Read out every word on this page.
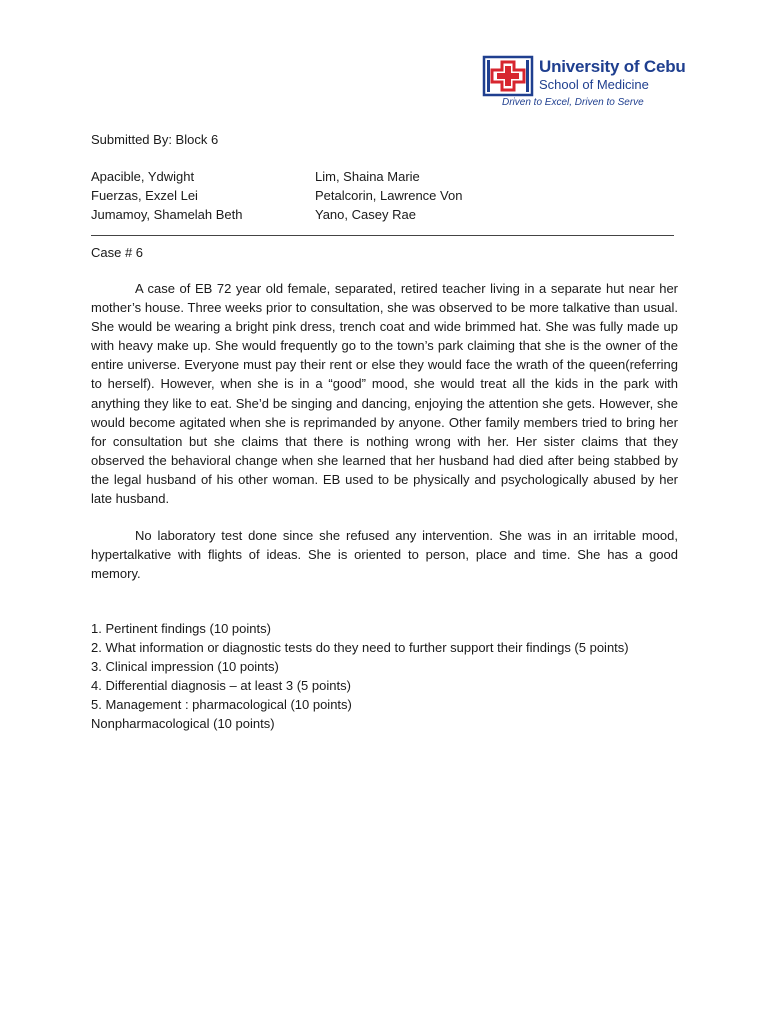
University of Cebu
School of Medicine
Driven to Excel, Driven to Serve
Submitted By: Block 6
Apacible, Ydwight	Lim, Shaina Marie
Fuerzas, Exzel Lei	Petalcorin, Lawrence Von
Jumamoy, Shamelah Beth	Yano, Casey Rae
Case # 6

A case of EB 72 year old female, separated, retired teacher living in a separate hut near her mother’s house. Three weeks prior to consultation, she was observed to be more talkative than usual. She would be wearing a bright pink dress, trench coat and wide brimmed hat. She was fully made up with heavy make up. She would frequently go to the town’s park claiming that she is the owner of the entire universe. Everyone must pay their rent or else they would face the wrath of the queen(referring to herself). However, when she is in a “good” mood, she would treat all the kids in the park with anything they like to eat. She’d be singing and dancing, enjoying the attention she gets. However, she would become agitated when she is reprimanded by anyone. Other family members tried to bring her for consultation but she claims that there is nothing wrong with her. Her sister claims that they observed the behavioral change when she learned that her husband had died after being stabbed by the legal husband of his other woman. EB used to be physically and psychologically abused by her late husband.

No laboratory test done since she refused any intervention. She was in an irritable mood, hypertalkative with flights of ideas. She is oriented to person, place and time. She has a good memory.

1. Pertinent findings (10 points)
2. What information or diagnostic tests do they need to further support their findings (5 points)
3. Clinical impression (10 points)
4. Differential diagnosis – at least 3 (5 points)
5. Management : pharmacological (10 points)
Nonpharmacological (10 points)
